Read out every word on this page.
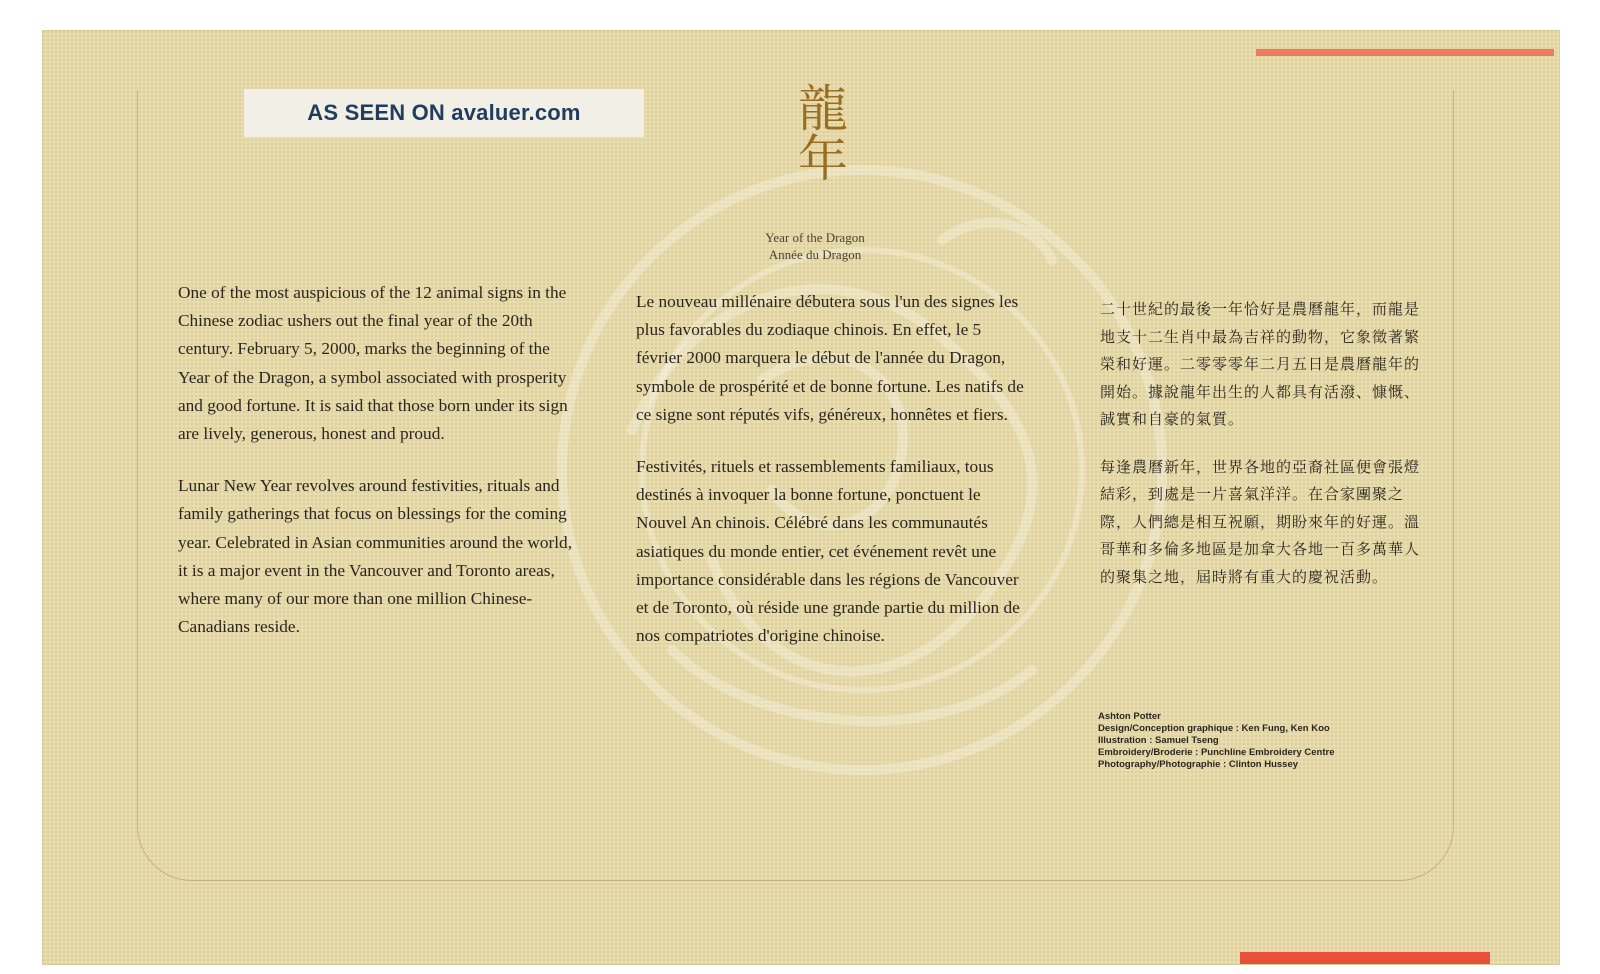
AS SEEN ON avaluer.com	龍年
Year of the Dragon
Année du Dragon

One of the most auspicious of the 12 animal signs in the Chinese zodiac ushers out the final year of the 20th century. February 5, 2000, marks the beginning of the Year of the Dragon, a symbol associated with prosperity and good fortune. It is said that those born under its sign are lively, generous, honest and proud.

Lunar New Year revolves around festivities, rituals and family gatherings that focus on blessings for the coming year. Celebrated in Asian communities around the world, it is a major event in the Vancouver and Toronto areas, where many of our more than one million Chinese-Canadians reside.

Le nouveau millénaire débutera sous l'un des signes les plus favorables du zodiaque chinois. En effet, le 5 février 2000 marquera le début de l'année du Dragon, symbole de prospérité et de bonne fortune. Les natifs de ce signe sont réputés vifs, généreux, honnêtes et fiers.

Festivités, rituels et rassemblements familiaux, tous destinés à invoquer la bonne fortune, ponctuent le Nouvel An chinois. Célébré dans les communautés asiatiques du monde entier, cet événement revêt une importance considérable dans les régions de Vancouver et de Toronto, où réside une grande partie du million de nos compatriotes d'origine chinoise.

二十世紀的最後一年恰好是農曆龍年，而龍是地支十二生肖中最為吉祥的動物，它象徵著繁榮和好運。二零零零年二月五日是農曆龍年的開始。據說龍年出生的人都具有活潑、慷慨、誠實和自豪的氣質。

每逢農曆新年，世界各地的亞裔社區便會張燈結彩，到處是一片喜氣洋洋。在合家團聚之際，人們總是相互祝願，期盼來年的好運。溫哥華和多倫多地區是加拿大各地一百多萬華人的聚集之地，屆時將有重大的慶祝活動。

Ashton Potter
Design/Conception graphique : Ken Fung, Ken Koo
Illustration : Samuel Tseng
Embroidery/Broderie : Punchline Embroidery Centre
Photography/Photographie : Clinton Hussey
